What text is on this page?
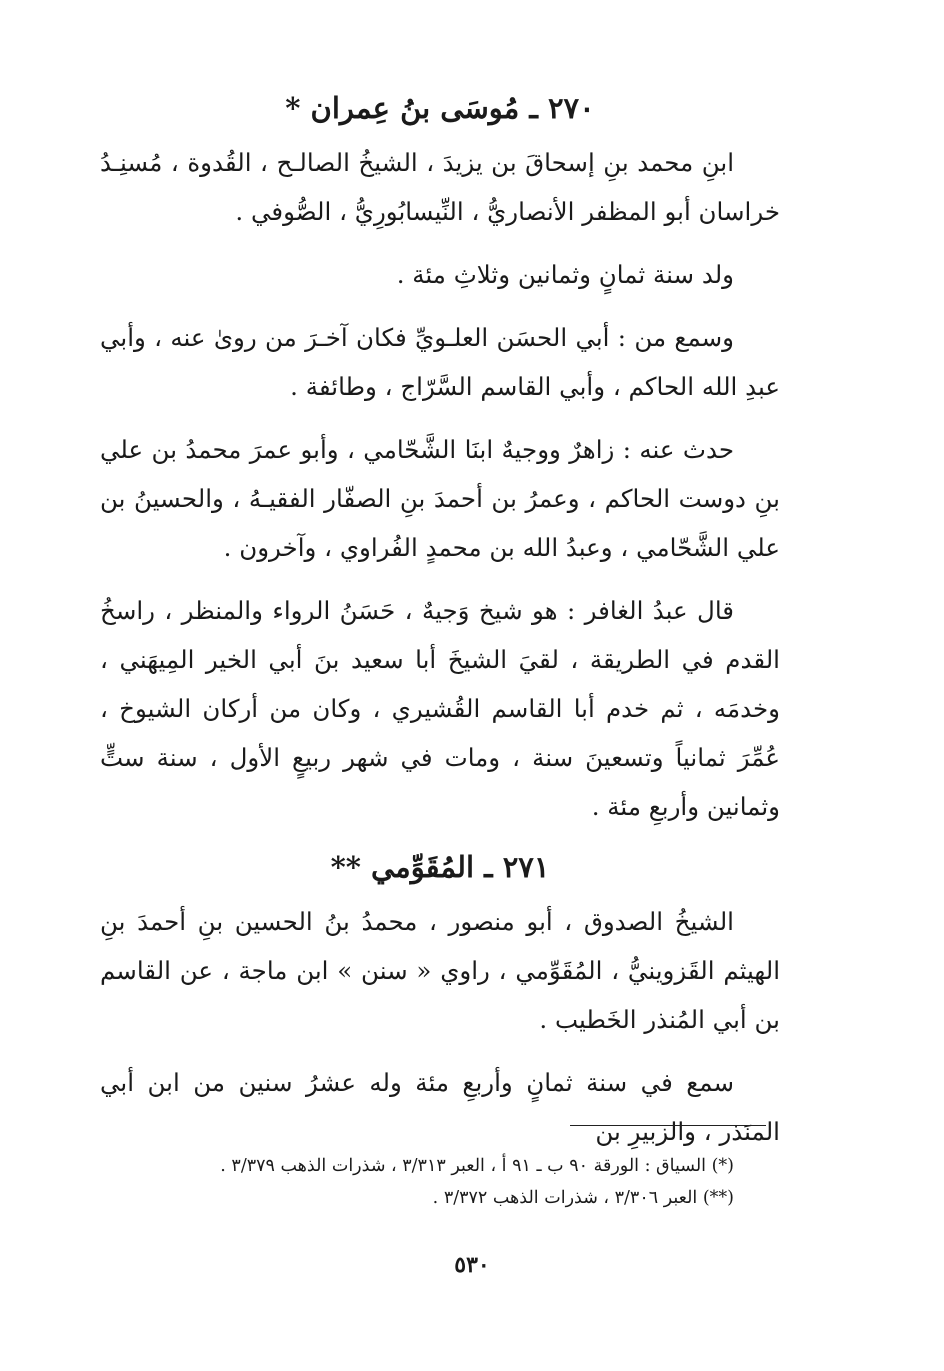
٢٧٠ ـ مُوسَى بنُ عِمران *

ابنِ محمد بنِ إسحاقَ بن يزيدَ ، الشيخُ الصالـح ، القُدوة ، مُسنِـدُ خراسان أبو المظفر الأنصاريُّ ، النِّيسابُورِيُّ ، الصُّوفي .

ولد سنة ثمانٍ وثمانين وثلاثِ مئة .

وسمع من : أبي الحسَن العلـويِّ فكان آخـرَ من روىٰ عنه ، وأبي عبدِ الله الحاكم ، وأبي القاسم السَّرّاج ، وطائفة .

حدث عنه : زاهرٌ ووجيهٌ ابنَا الشَّحّامي ، وأبو عمرَ محمدُ بن علي بنِ دوست الحاكم ، وعمرُ بن أحمدَ بنِ الصفّار الفقيـهُ ، والحسينُ بن علي الشَّحّامي ، وعبدُ الله بن محمدٍ الفُراوي ، وآخرون .

قال عبدُ الغافر : هو شيخ وَجيهٌ ، حَسَنُ الرواء والمنظر ، راسخُ القدم في الطريقة ، لقيَ الشيخَ أبا سعيد بنَ أبي الخير المِيهَني ، وخدمَه ، ثم خدم أبا القاسم القُشيري ، وكان من أركان الشيوخ ، عُمِّرَ ثمانياً وتسعينَ سنة ، ومات في شهر ربيعٍ الأول ، سنة ستٍّ وثمانين وأربعِ مئة .

٢٧١ ـ المُقَوِّمي **

الشيخُ الصدوق ، أبو منصور ، محمدُ بنُ الحسين بنِ أحمدَ بنِ الهيثم القَزوينيُّ ، المُقَوِّمي ، راوي « سنن » ابن ماجة ، عن القاسم بن أبي المُنذر الخَطيب .

سمع في سنة ثمانٍ وأربعِ مئة وله عشرُ سنين من ابن أبي المنَذر ، والزبيرِ بن

(*) السياق : الورقة ٩٠ ب ـ ٩١ أ ، العبر ٣/٣١٣ ، شذرات الذهب ٣/٣٧٩ .

(**) العبر ٣/٣٠٦ ، شذرات الذهب ٣/٣٧٢ .

٥٣٠
